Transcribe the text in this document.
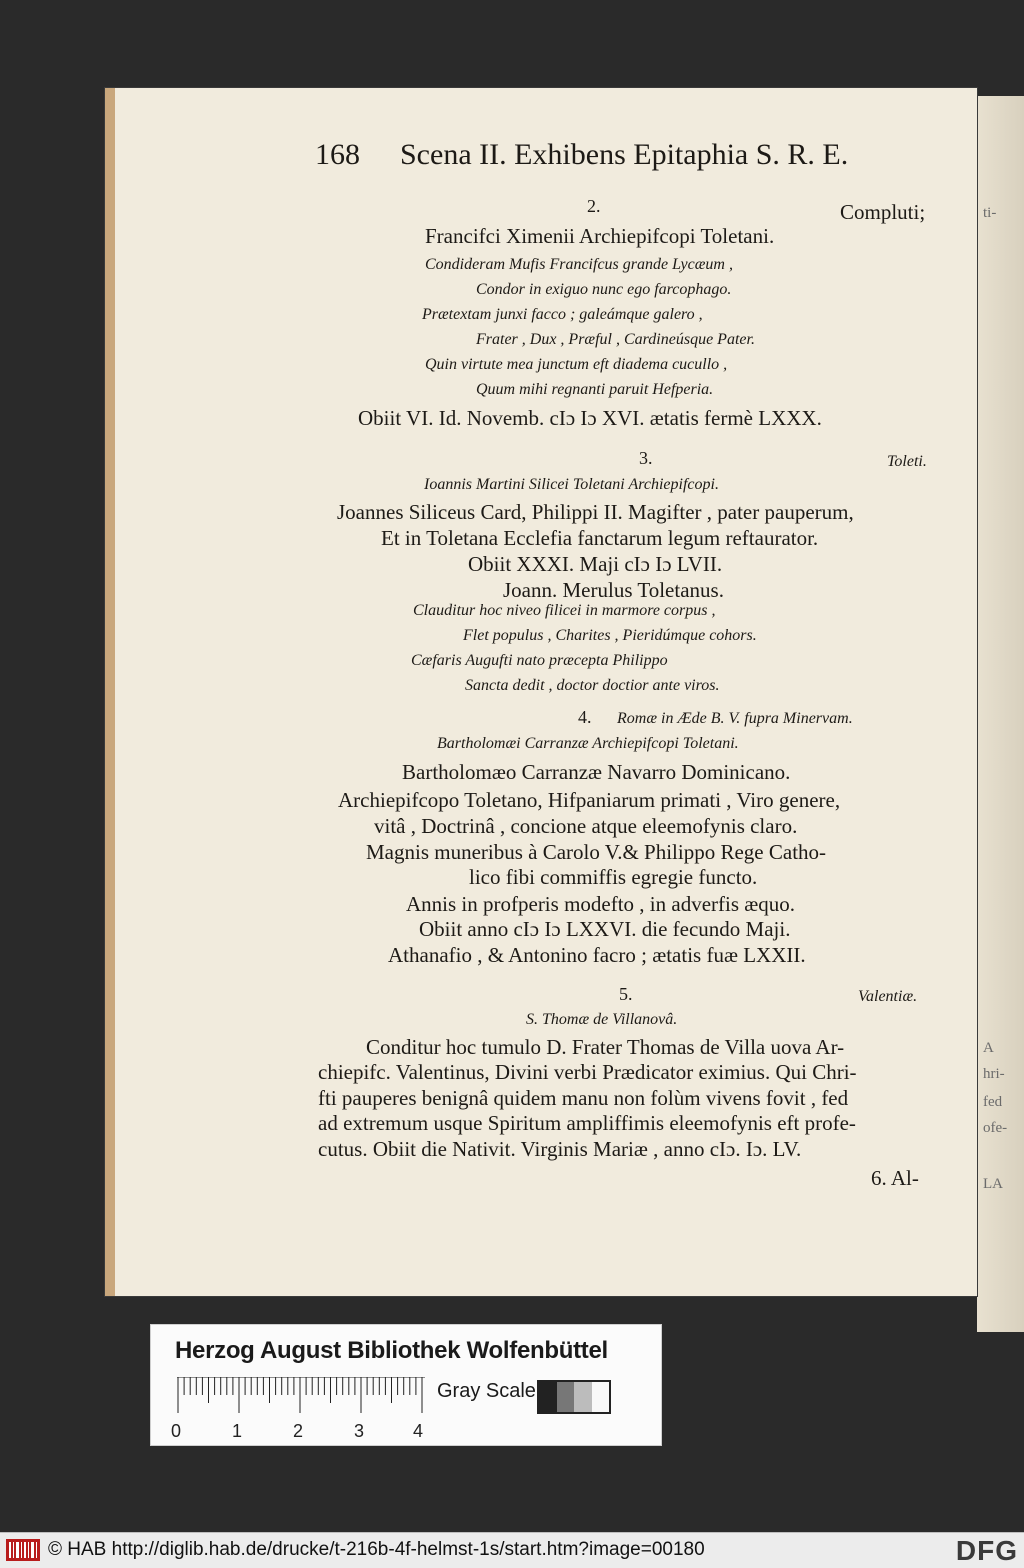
ti-
A
hri-
fed
ofe-
LA
168 Scena II. Exhibens Epitaphia S. R. E.
2.	Compluti;
Francifci Ximenii Archiepifcopi Toletani.
Condideram Mufis Francifcus grande Lycæum ,
Condor in exiguo nunc ego farcophago.
Prætextam junxi facco ; galeámque galero ,
Frater , Dux , Præful , Cardineúsque Pater.
Quin virtute mea junctum eft diadema cucullo ,
Quum mihi regnanti paruit Hefperia.
Obiit VI. Id. Novemb. cIɔ Iɔ XVI. ætatis fermè LXXX.
3.	Toleti.
Ioannis Martini Silicei Toletani Archiepifcopi.
Joannes Siliceus Card, Philippi II. Magifter , pater pauperum,
Et in Toletana Ecclefia fanctarum legum reftaurator.
Obiit XXXI. Maji cIɔ Iɔ LVII.
Joann. Merulus Toletanus.
Clauditur hoc niveo filicei in marmore corpus ,
Flet populus , Charites , Pieridúmque cohors.
Cæfaris Augufti nato præcepta Philippo
Sancta dedit , doctor doctior ante viros.
4. Romæ in Æde B. V. fupra Minervam.
Bartholomæi Carranzæ Archiepifcopi Toletani.
Bartholomæo Carranzæ Navarro Dominicano.
Archiepifcopo Toletano, Hifpaniarum primati , Viro genere,
vitâ , Doctrinâ , concione atque eleemofynis claro.
Magnis muneribus à Carolo V.& Philippo Rege Catho-
lico fibi commiffis egregie functo.
Annis in profperis modefto , in adverfis æquo.
Obiit anno cIɔ Iɔ LXXVI. die fecundo Maji.
Athanafio , & Antonino facro ; ætatis fuæ LXXII.
5.	Valentiæ.
S. Thomæ de Villanovâ.
Conditur hoc tumulo D. Frater Thomas de Villa uova Ar-
chiepifc. Valentinus, Divini verbi Prædicator eximius. Qui Chri-
fti pauperes benignâ quidem manu non folùm vivens fovit , fed
ad extremum usque Spiritum ampliffimis eleemofynis eft profe-
cutus. Obiit die Nativit. Virginis Mariæ , anno cIɔ. Iɔ. LV.
6. Al-
Herzog August Bibliothek Wolfenbüttel
0	1	2	3	4
Gray Scale
© HAB http://diglib.hab.de/drucke/t-216b-4f-helmst-1s/start.htm?image=00180	DFG
